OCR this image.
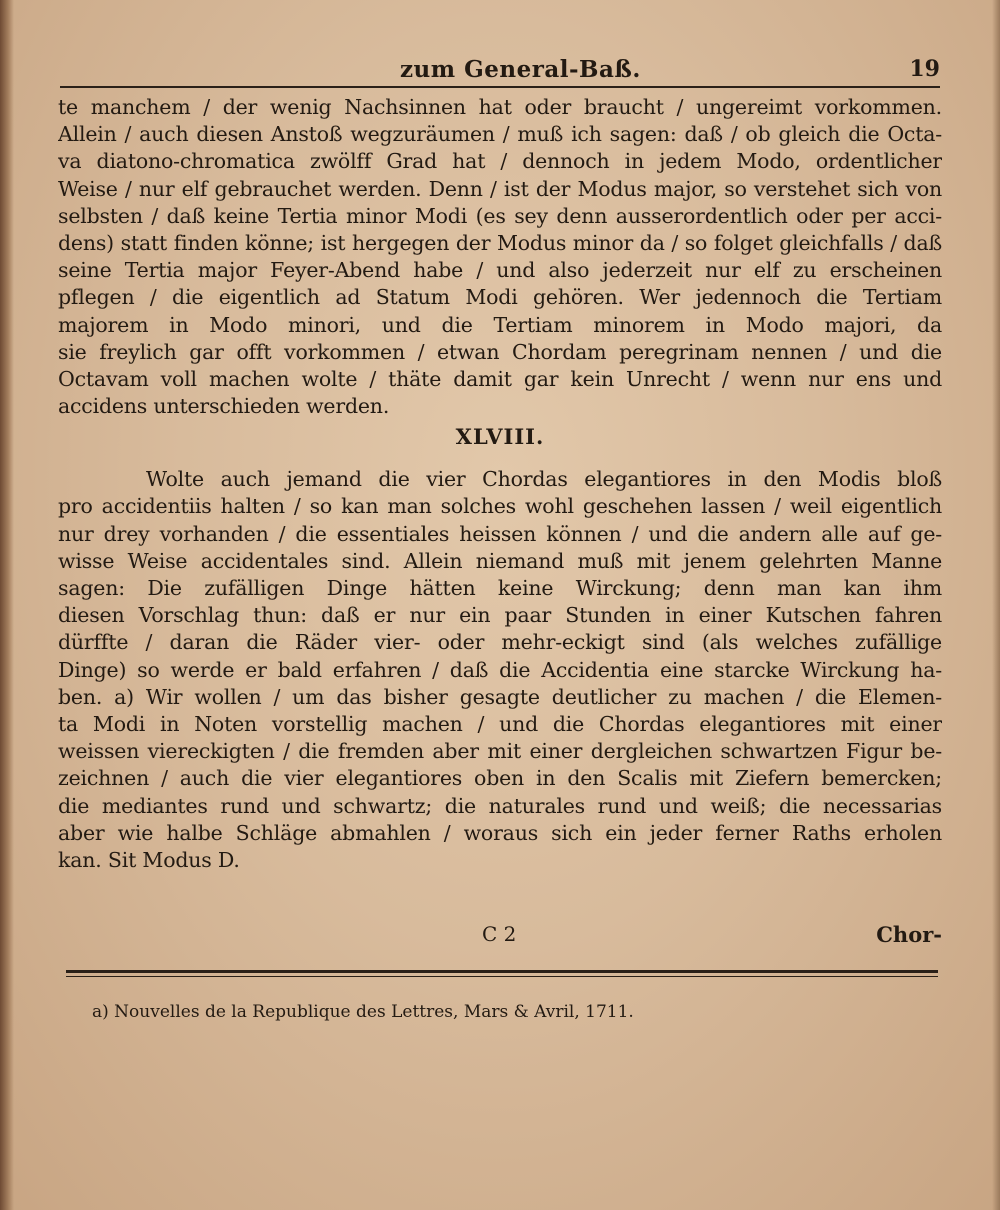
zum General-Baß.	19
te manchem / der wenig Nachsinnen hat oder braucht / ungereimt vorkommen.
Allein / auch diesen Anstoß wegzuräumen / muß ich sagen: daß / ob gleich die Octa-
va diatono-chromatica zwölff Grad hat / dennoch in jedem Modo, ordentlicher
Weise / nur elf gebrauchet werden. Denn / ist der Modus major, so verstehet sich von
selbsten / daß keine Tertia minor Modi (es sey denn ausserordentlich oder per acci-
dens) statt finden könne; ist hergegen der Modus minor da / so folget gleichfalls / daß
seine Tertia major Feyer-Abend habe / und also jederzeit nur elf zu erscheinen
pflegen / die eigentlich ad Statum Modi gehören. Wer jedennoch die Tertiam
majorem in Modo minori, und die Tertiam minorem in Modo majori, da
sie freylich gar offt vorkommen / etwan Chordam peregrinam nennen / und die
Octavam voll machen wolte / thäte damit gar kein Unrecht / wenn nur ens und
accidens unterschieden werden.
XLVIII.
Wolte auch jemand die vier Chordas elegantiores in den Modis bloß
pro accidentiis halten / so kan man solches wohl geschehen lassen / weil eigentlich
nur drey vorhanden / die essentiales heissen können / und die andern alle auf ge-
wisse Weise accidentales sind. Allein niemand muß mit jenem gelehrten Manne
sagen: Die zufälligen Dinge hätten keine Wirckung; denn man kan ihm
diesen Vorschlag thun: daß er nur ein paar Stunden in einer Kutschen fahren
dürffte / daran die Räder vier- oder mehr-eckigt sind (als welches zufällige
Dinge) so werde er bald erfahren / daß die Accidentia eine starcke Wirckung ha-
ben. a) Wir wollen / um das bisher gesagte deutlicher zu machen / die Elemen-
ta Modi in Noten vorstellig machen / und die Chordas elegantiores mit einer
weissen viereckigten / die fremden aber mit einer dergleichen schwartzen Figur be-
zeichnen / auch die vier elegantiores oben in den Scalis mit Ziefern bemercken;
die mediantes rund und schwartz; die naturales rund und weiß; die necessarias
aber wie halbe Schläge abmahlen / woraus sich ein jeder ferner Raths erholen
kan. Sit Modus D.
C 2	Chor-
a) Nouvelles de la Republique des Lettres, Mars & Avril, 1711.
